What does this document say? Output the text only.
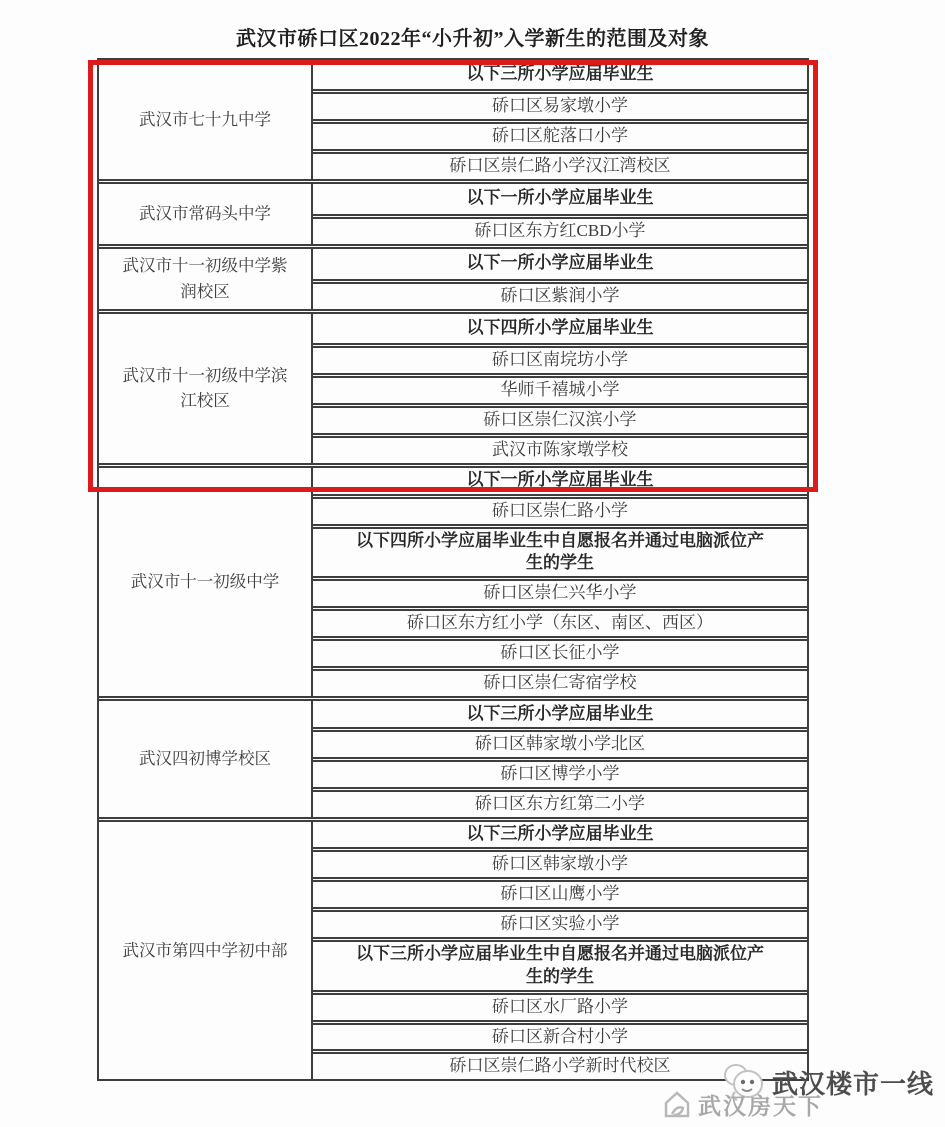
武汉市硚口区2022年“小升初”入学新生的范围及对象
武汉市七十九中学
以下三所小学应届毕业生
硚口区易家墩小学
硚口区舵落口小学
硚口区崇仁路小学汉江湾校区
武汉市常码头中学
以下一所小学应届毕业生
硚口区东方红CBD小学
武汉市十一初级中学紫润校区
以下一所小学应届毕业生
硚口区紫润小学
武汉市十一初级中学滨江校区
以下四所小学应届毕业生
硚口区南垸坊小学
华师千禧城小学
硚口区崇仁汉滨小学
武汉市陈家墩学校
武汉市十一初级中学
以下一所小学应届毕业生
硚口区崇仁路小学
以下四所小学应届毕业生中自愿报名并通过电脑派位产生的学生
硚口区崇仁兴华小学
硚口区东方红小学（东区、南区、西区）
硚口区长征小学
硚口区崇仁寄宿学校
武汉四初博学校区
以下三所小学应届毕业生
硚口区韩家墩小学北区
硚口区博学小学
硚口区东方红第二小学
武汉市第四中学初中部
以下三所小学应届毕业生
硚口区韩家墩小学
硚口区山鹰小学
硚口区实验小学
以下三所小学应届毕业生中自愿报名并通过电脑派位产生的学生
硚口区水厂路小学
硚口区新合村小学
硚口区崇仁路小学新时代校区
武汉楼市一线
武汉房天下
